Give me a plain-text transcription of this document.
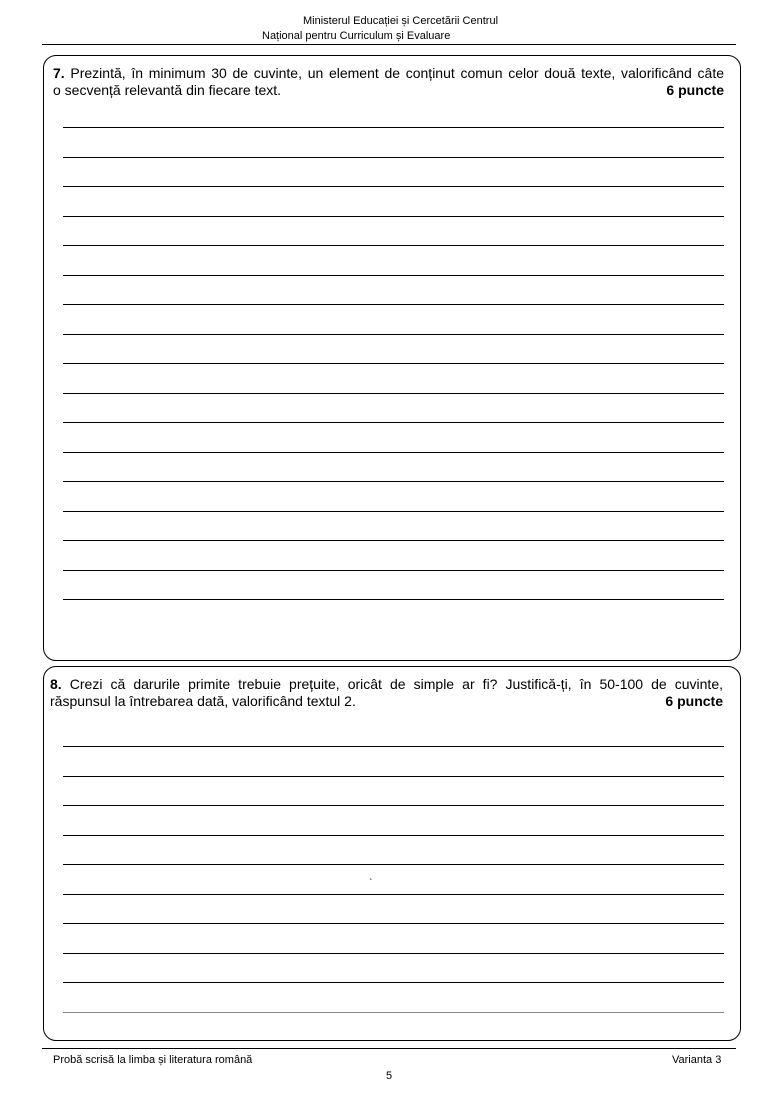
Ministerul Educației și Cercetării Centrul
Național pentru Curriculum și Evaluare
7. Prezintă, în minimum 30 de cuvinte, un element de conținut comun celor două texte, valorificând câte
o secvență relevantă din fiecare text.	6 puncte
8. Crezi că darurile primite trebuie prețuite, oricât de simple ar fi? Justifică-ți, în 50-100 de cuvinte,
răspunsul la întrebarea dată, valorificând textul 2.	6 puncte
`
Probă scrisă la limba și literatura română	Varianta 3
5
